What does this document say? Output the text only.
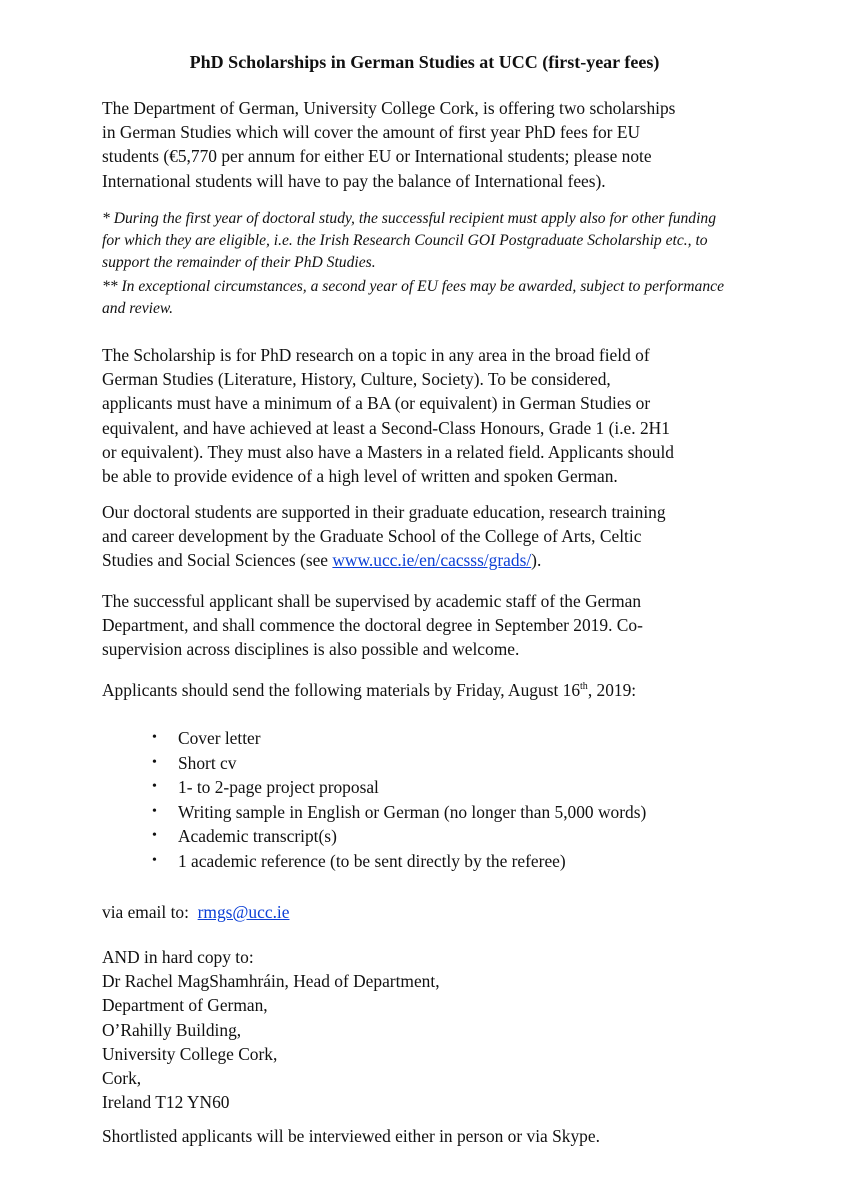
PhD Scholarships in German Studies at UCC (first-year fees)

The Department of German, University College Cork, is offering two scholarships
in German Studies which will cover the amount of first year PhD fees for EU
students (€5,770 per annum for either EU or International students; please note
International students will have to pay the balance of International fees).

* During the first year of doctoral study, the successful recipient must apply also for other funding
for which they are eligible, i.e. the Irish Research Council GOI Postgraduate Scholarship etc., to
support the remainder of their PhD Studies.

** In exceptional circumstances, a second year of EU fees may be awarded, subject to performance
and review.

The Scholarship is for PhD research on a topic in any area in the broad field of
German Studies (Literature, History, Culture, Society). To be considered,
applicants must have a minimum of a BA (or equivalent) in German Studies or
equivalent, and have achieved at least a Second-Class Honours, Grade 1 (i.e. 2H1
or equivalent). They must also have a Masters in a related field. Applicants should
be able to provide evidence of a high level of written and spoken German.

Our doctoral students are supported in their graduate education, research training
and career development by the Graduate School of the College of Arts, Celtic
Studies and Social Sciences (see www.ucc.ie/en/cacsss/grads/).

The successful applicant shall be supervised by academic staff of the German
Department, and shall commence the doctoral degree in September 2019. Co-
supervision across disciplines is also possible and welcome.

Applicants should send the following materials by Friday, August 16th, 2019:

• Cover letter
• Short cv
• 1- to 2-page project proposal
• Writing sample in English or German (no longer than 5,000 words)
• Academic transcript(s)
• 1 academic reference (to be sent directly by the referee)

via email to: rmgs@ucc.ie

AND in hard copy to:
Dr Rachel MagShamhráin, Head of Department,
Department of German,
O’Rahilly Building,
University College Cork,
Cork,
Ireland T12 YN60

Shortlisted applicants will be interviewed either in person or via Skype.
